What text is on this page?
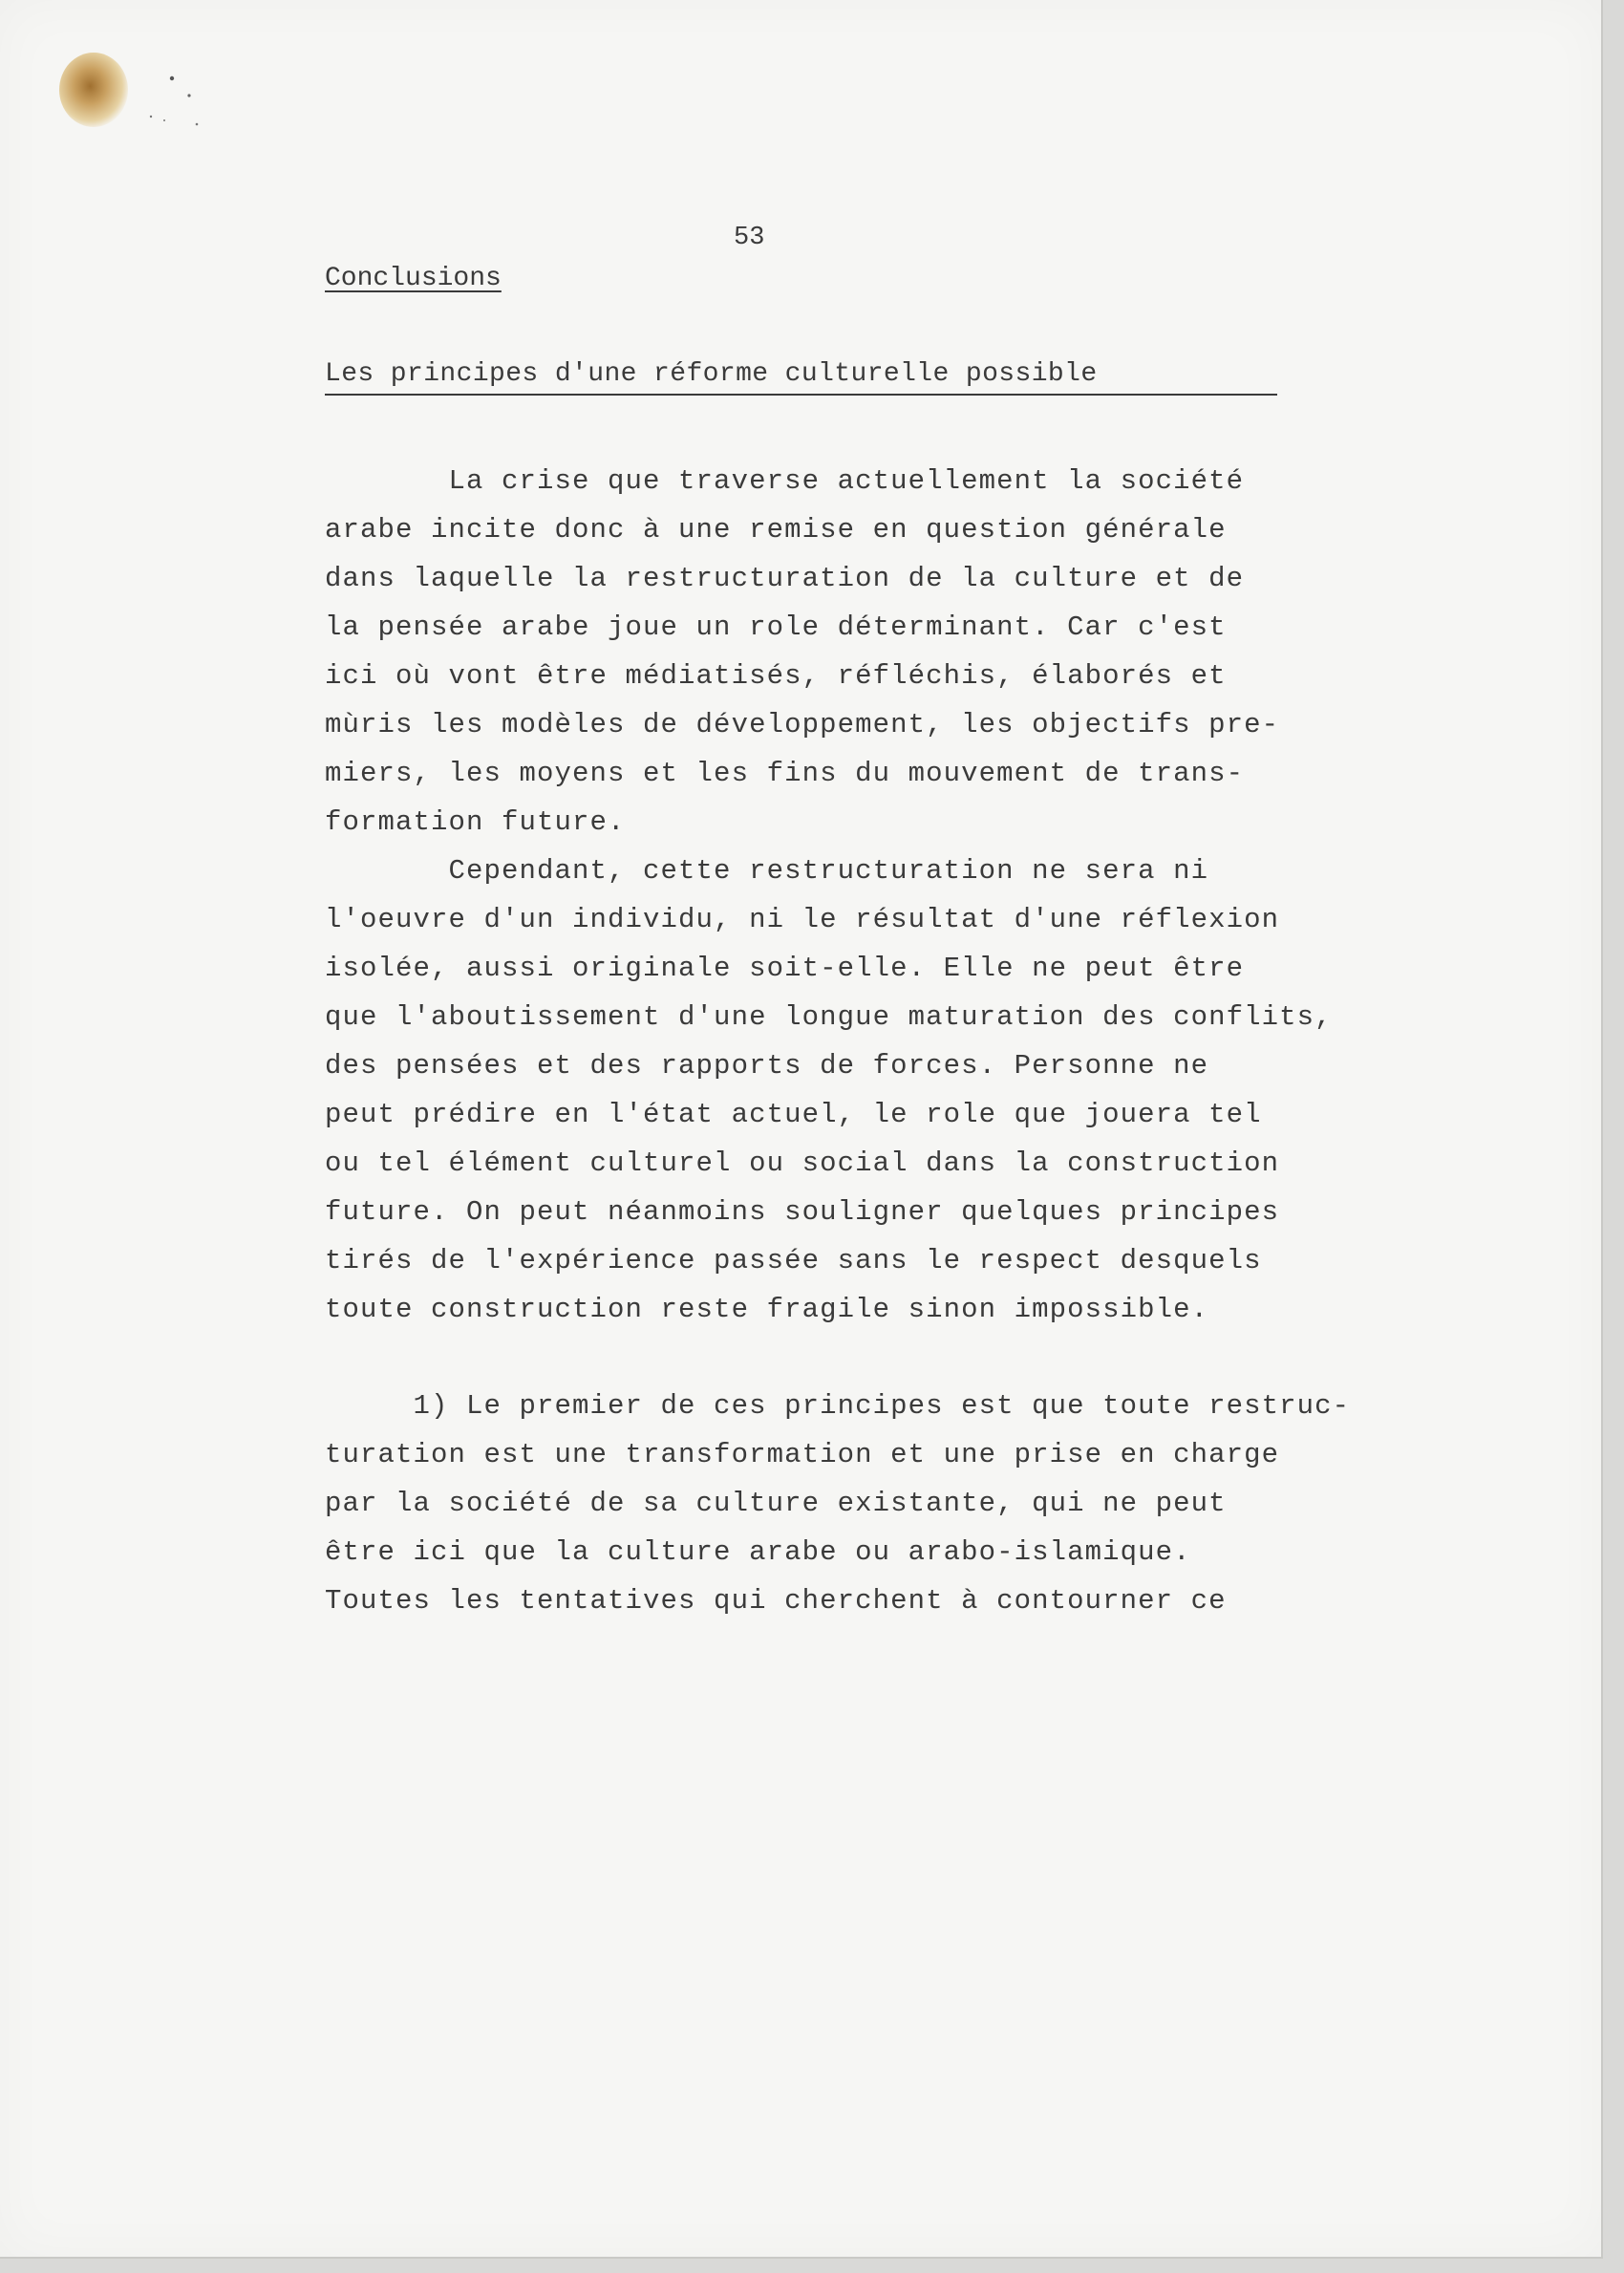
53
Conclusions
Les principes d'une réforme culturelle possible
La crise que traverse actuellement la société
arabe incite donc à une remise en question générale
dans laquelle la restructuration de la culture et de
la pensée arabe joue un role déterminant. Car c'est
ici où vont être médiatisés, réfléchis, élaborés et
mùris les modèles de développement, les objectifs pre-
miers, les moyens et les fins du mouvement de trans-
formation future.
Cependant, cette restructuration ne sera ni
l'oeuvre d'un individu, ni le résultat d'une réflexion
isolée, aussi originale soit-elle. Elle ne peut être
que l'aboutissement d'une longue maturation des conflits,
des pensées et des rapports de forces. Personne ne
peut prédire en l'état actuel, le role que jouera tel
ou tel élément culturel ou social dans la construction
future. On peut néanmoins souligner quelques principes
tirés de l'expérience passée sans le respect desquels
toute construction reste fragile sinon impossible.
1) Le premier de ces principes est que toute restruc-
turation est une transformation et une prise en charge
par la société de sa culture existante, qui ne peut
être ici que la culture arabe ou arabo-islamique.
Toutes les tentatives qui cherchent à contourner ce
